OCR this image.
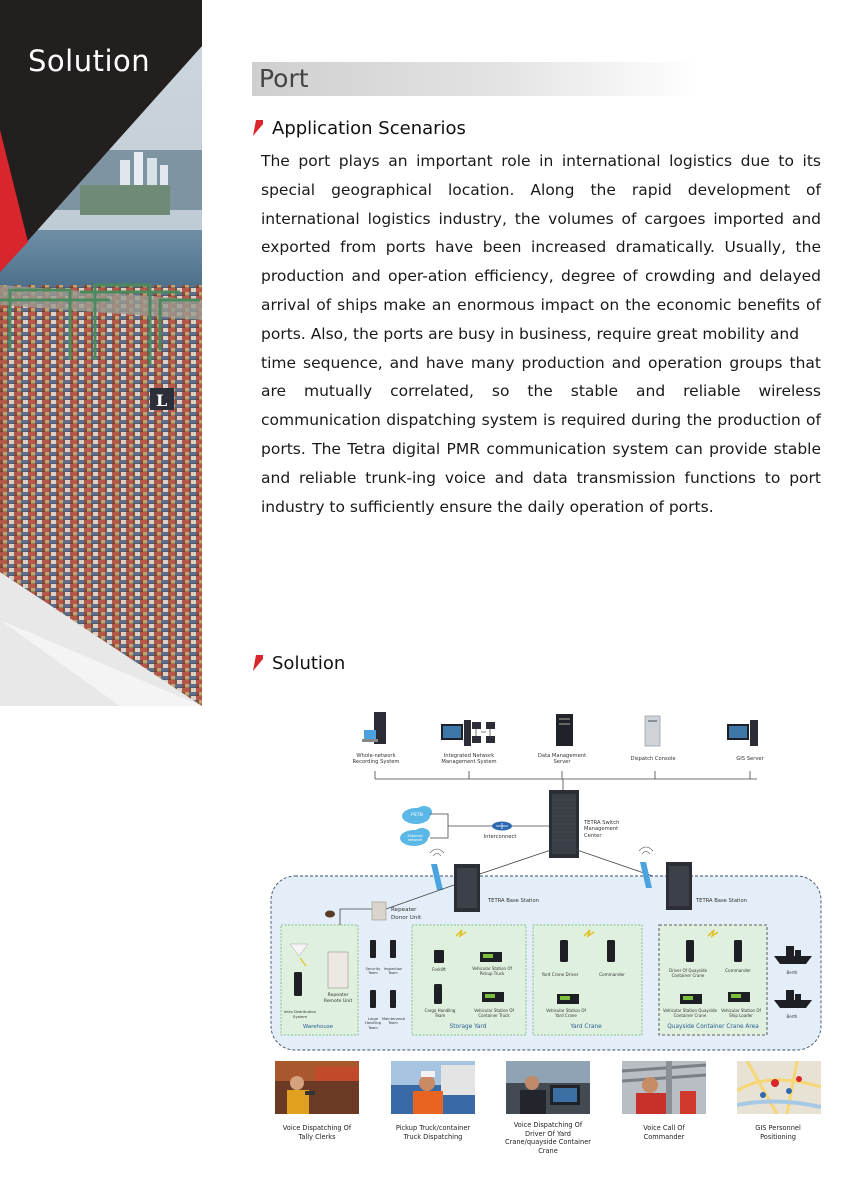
L
Solution
Port
Application Scenarios

The port plays an important role in international logistics due to its special geographical location. Along the rapid development of international logistics industry, the volumes of cargoes imported and exported from ports have been increased dramatically. Usually, the production and oper-ation efficiency, degree of crowding and delayed arrival of ships make an enormous impact on the economic benefits of ports. Also, the ports are busy in business, require great mobility and

time sequence, and have many production and operation groups that are mutually correlated, so the stable and reliable wireless communication dispatching system is required during the production of ports. The Tetra digital PMR communication system can provide stable and reliable trunk-ing voice and data transmission functions to port industry to sufficiently ensure the daily operation of ports.

Solution
Whole-network Recording System
Integrated Network Management System
Data Management Server
Dispatch Console	GIS Server
PSTN
External network
Interconnect
TETRA Switch Management Center
TETRA Base Station	TETRA Base Station
Repeater Donor Unit
Repeater Remote Unit
Security Team
Inspection Team
Large Handling Team
Maintenance Team
Intra Distribution System
Warehouse
Forklift	Vehicular Station Of Pickup Truck
Cargo Handling Team
Vehicular Station Of Container Truck
Storage Yard
Yard Crane Driver	Commander
Vehicular Station Of Yard Crane
Yard Crane
Driver Of Quayside Container Crane
Commander
Vehicular Station Quayside Container Crane
Vehicular Station Of Ship Loader
Quayside Container Crane Area
Berth
Berth
Voice Dispatching Of Tally Clerks
Pickup Truck/container Truck Dispatching
Voice Dispatching Of Driver Of Yard Crane/quayside Container Crane
Voice Call Of Commander
GIS Personnel Positioning
